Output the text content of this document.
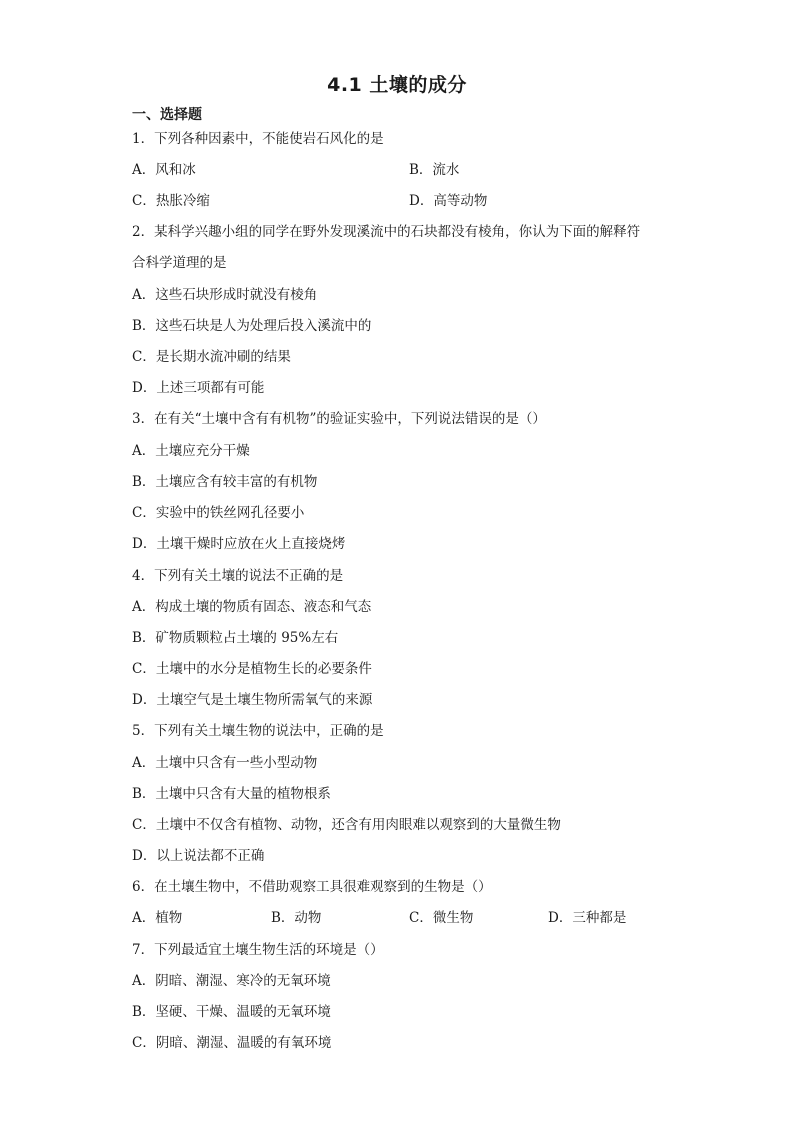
4.1 土壤的成分
一、选择题
1．下列各种因素中，不能使岩石风化的是
A．风和冰	B．流水
C．热胀冷缩	D．高等动物
2．某科学兴趣小组的同学在野外发现溪流中的石块都没有棱角，你认为下面的解释符
合科学道理的是
A．这些石块形成时就没有棱角
B．这些石块是人为处理后投入溪流中的
C．是长期水流冲刷的结果
D．上述三项都有可能
3．在有关“土壤中含有有机物”的验证实验中，下列说法错误的是（）
A．土壤应充分干燥
B．土壤应含有较丰富的有机物
C．实验中的铁丝网孔径要小
D．土壤干燥时应放在火上直接烧烤
4．下列有关土壤的说法不正确的是
A．构成土壤的物质有固态、液态和气态
B．矿物质颗粒占土壤的 95%左右
C．土壤中的水分是植物生长的必要条件
D．土壤空气是土壤生物所需氧气的来源
5．下列有关土壤生物的说法中，正确的是
A．土壤中只含有一些小型动物
B．土壤中只含有大量的植物根系
C．土壤中不仅含有植物、动物，还含有用肉眼难以观察到的大量微生物
D．以上说法都不正确
6．在土壤生物中，不借助观察工具很难观察到的生物是（）
A．植物	B．动物	C．微生物	D．三种都是
7．下列最适宜土壤生物生活的环境是（）
A．阴暗、潮湿、寒冷的无氧环境
B．坚硬、干燥、温暖的无氧环境
C．阴暗、潮湿、温暖的有氧环境
